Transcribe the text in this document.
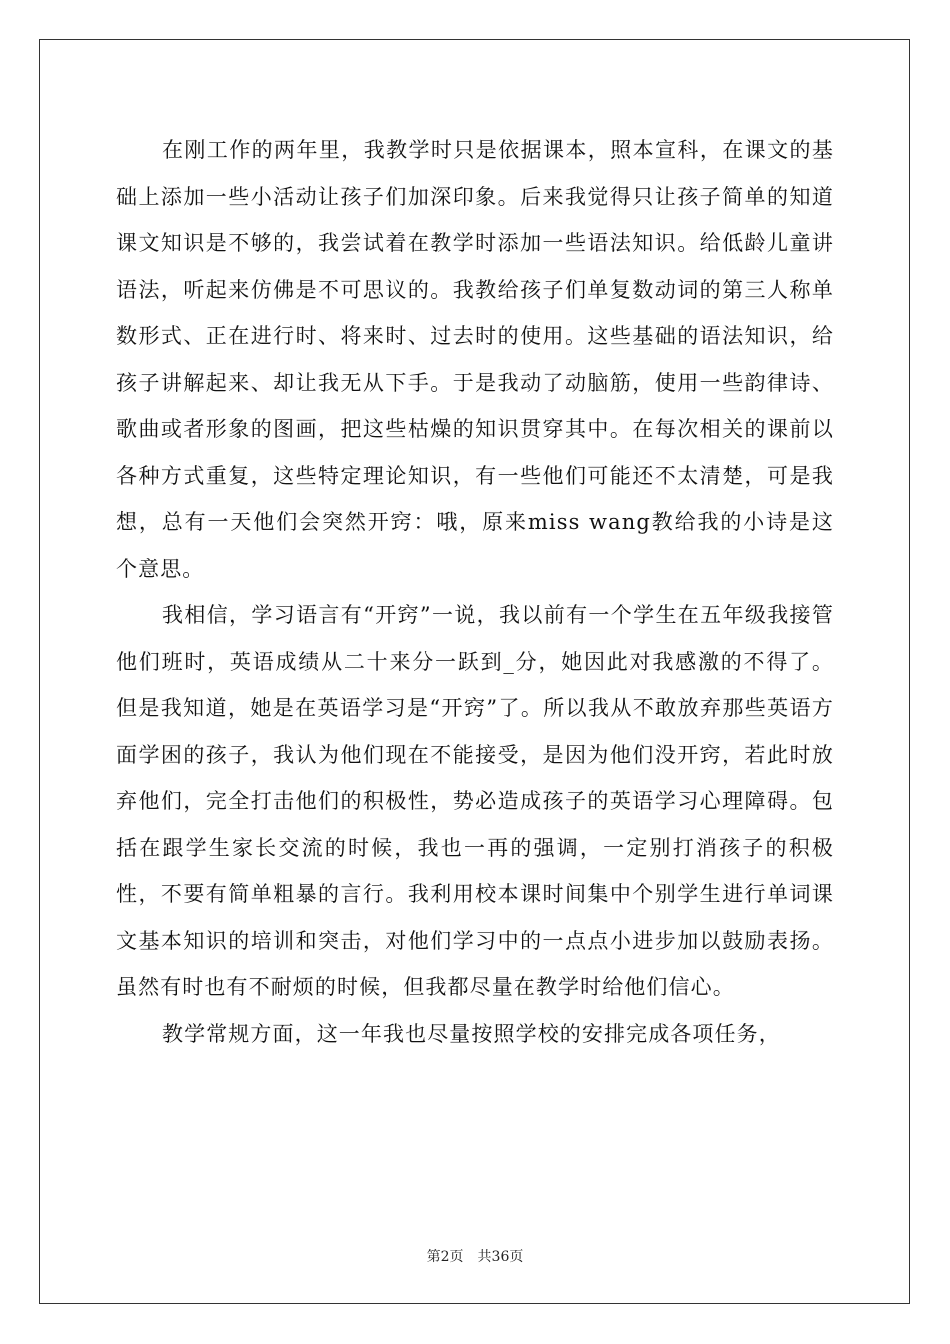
在刚工作的两年里，我教学时只是依据课本，照本宣科，在课文的基础上添加一些小活动让孩子们加深印象。后来我觉得只让孩子简单的知道课文知识是不够的，我尝试着在教学时添加一些语法知识。给低龄儿童讲语法，听起来仿佛是不可思议的。我教给孩子们单复数动词的第三人称单数形式、正在进行时、将来时、过去时的使用。这些基础的语法知识，给孩子讲解起来、却让我无从下手。于是我动了动脑筋，使用一些韵律诗、歌曲或者形象的图画，把这些枯燥的知识贯穿其中。在每次相关的课前以各种方式重复，这些特定理论知识，有一些他们可能还不太清楚，可是我想，总有一天他们会突然开窍：哦，原来miss wang教给我的小诗是这个意思。

我相信，学习语言有“开窍”一说，我以前有一个学生在五年级我接管他们班时，英语成绩从二十来分一跃到_分，她因此对我感激的不得了。但是我知道，她是在英语学习是“开窍”了。所以我从不敢放弃那些英语方面学困的孩子，我认为他们现在不能接受，是因为他们没开窍，若此时放弃他们，完全打击他们的积极性，势必造成孩子的英语学习心理障碍。包括在跟学生家长交流的时候，我也一再的强调，一定别打消孩子的积极性，不要有简单粗暴的言行。我利用校本课时间集中个别学生进行单词课文基本知识的培训和突击，对他们学习中的一点点小进步加以鼓励表扬。虽然有时也有不耐烦的时候，但我都尽量在教学时给他们信心。

教学常规方面，这一年我也尽量按照学校的安排完成各项任务，

第2页 共36页
